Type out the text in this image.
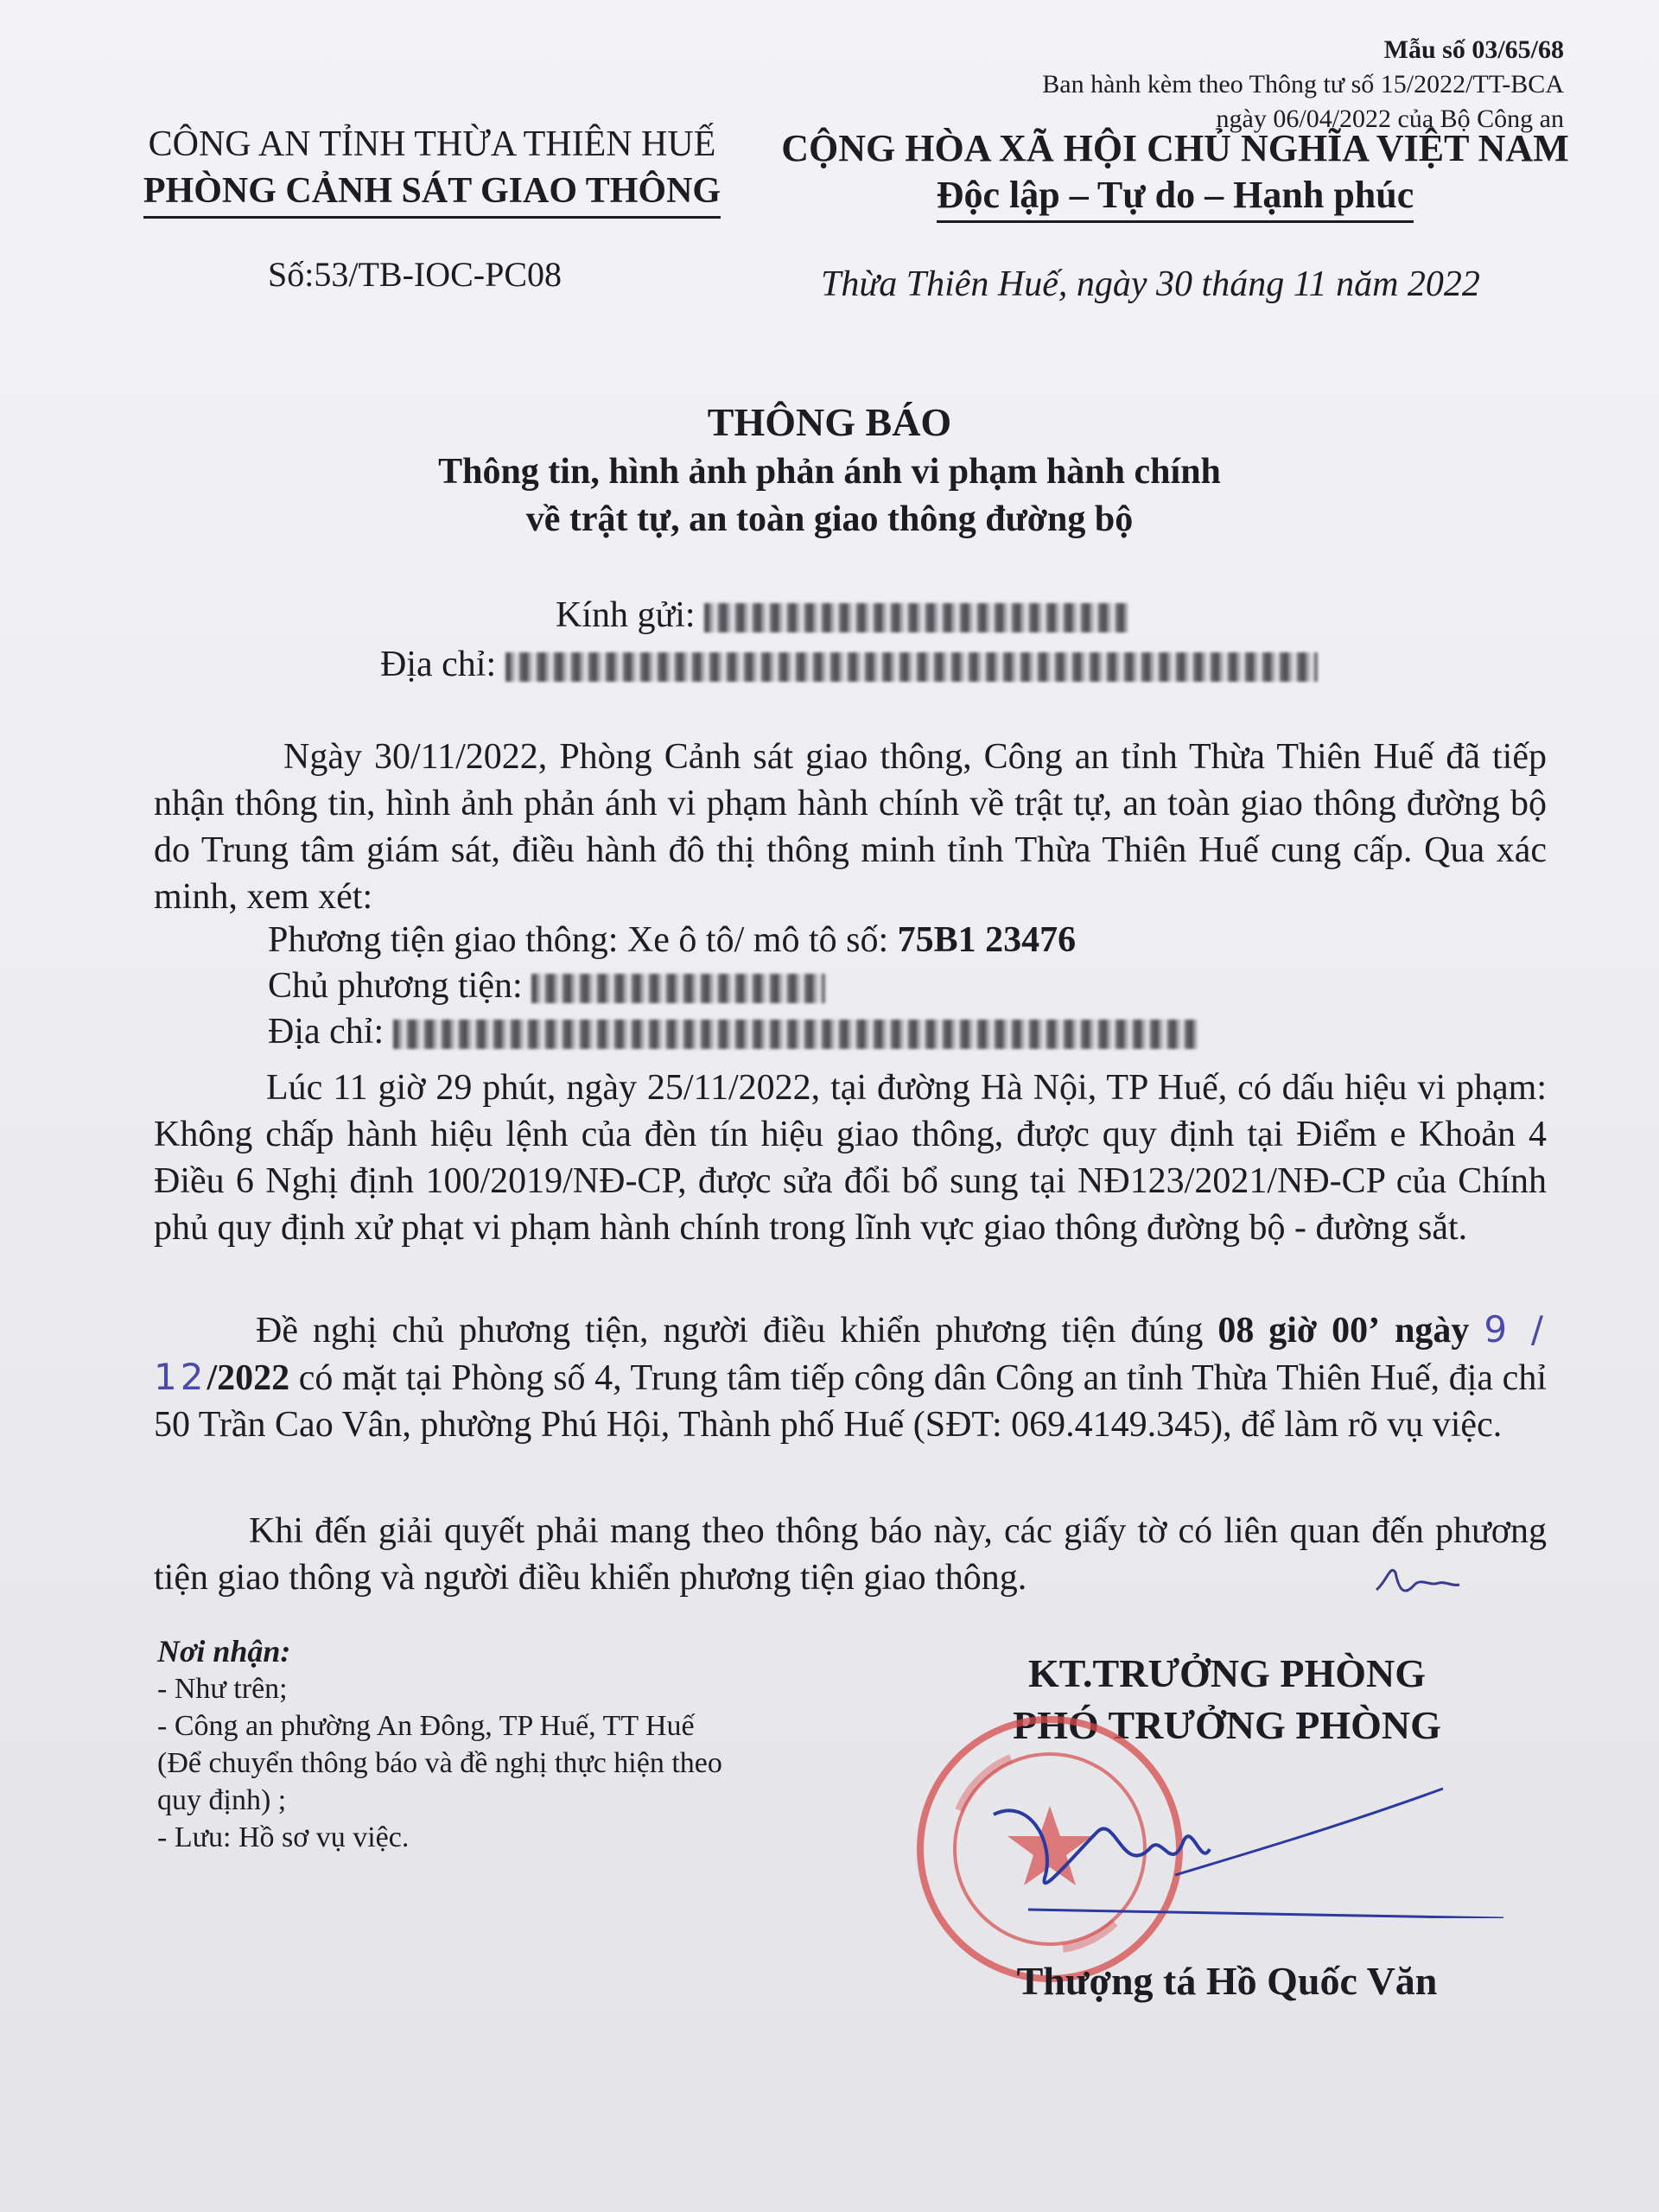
Mẫu số 03/65/68
Ban hành kèm theo Thông tư số 15/2022/TT-BCA
ngày 06/04/2022 của Bộ Công an
CÔNG AN TỈNH THỪA THIÊN HUẾ
PHÒNG CẢNH SÁT GIAO THÔNG
CỘNG HÒA XÃ HỘI CHỦ NGHĨA VIỆT NAM
Độc lập – Tự do – Hạnh phúc
Số:53/TB-IOC-PC08	Thừa Thiên Huế, ngày 30 tháng 11 năm 2022
THÔNG BÁO
Thông tin, hình ảnh phản ánh vi phạm hành chính
về trật tự, an toàn giao thông đường bộ
Kính gửi:
Địa chỉ:
Ngày 30/11/2022, Phòng Cảnh sát giao thông, Công an tỉnh Thừa Thiên Huế đã tiếp nhận thông tin, hình ảnh phản ánh vi phạm hành chính về trật tự, an toàn giao thông đường bộ do Trung tâm giám sát, điều hành đô thị thông minh tỉnh Thừa Thiên Huế cung cấp. Qua xác minh, xem xét:
Phương tiện giao thông: Xe ô tô/ mô tô số: 75B1 23476
Chủ phương tiện:
Địa chỉ:
Lúc 11 giờ 29 phút, ngày 25/11/2022, tại đường Hà Nội, TP Huế, có dấu hiệu vi phạm: Không chấp hành hiệu lệnh của đèn tín hiệu giao thông, được quy định tại Điểm e Khoản 4 Điều 6 Nghị định 100/2019/NĐ-CP, được sửa đổi bổ sung tại NĐ123/2021/NĐ-CP của Chính phủ quy định xử phạt vi phạm hành chính trong lĩnh vực giao thông đường bộ - đường sắt.
Đề nghị chủ phương tiện, người điều khiển phương tiện đúng 08 giờ 00’ ngày 9 / 12/2022 có mặt tại Phòng số 4, Trung tâm tiếp công dân Công an tỉnh Thừa Thiên Huế, địa chỉ 50 Trần Cao Vân, phường Phú Hội, Thành phố Huế (SĐT: 069.4149.345), để làm rõ vụ việc.
Khi đến giải quyết phải mang theo thông báo này, các giấy tờ có liên quan đến phương tiện giao thông và người điều khiển phương tiện giao thông.
Nơi nhận:
- Như trên;
- Công an phường An Đông, TP Huế, TT Huế
(Để chuyển thông báo và đề nghị thực hiện theo
quy định) ;
- Lưu: Hồ sơ vụ việc.
KT.TRƯỞNG PHÒNG
PHÓ TRƯỞNG PHÒNG
Thượng tá Hồ Quốc Văn
